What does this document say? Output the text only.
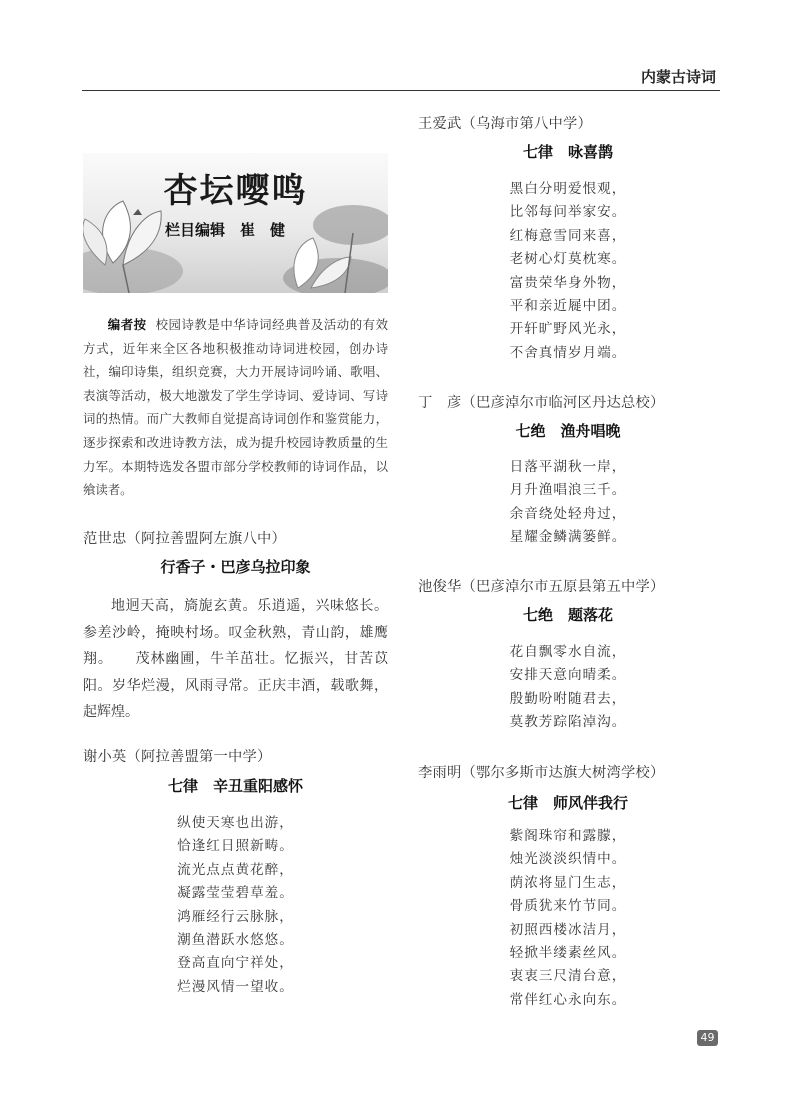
内蒙古诗词
杏坛嘤鸣
栏目编辑　崔　健
编者按 校园诗教是中华诗词经典普及活动的有效方式，近年来全区各地积极推动诗词进校园，创办诗社，编印诗集，组织竞赛，大力开展诗词吟诵、歌唱、表演等活动，极大地激发了学生学诗词、爱诗词、写诗词的热情。而广大教师自觉提高诗词创作和鉴赏能力，逐步探索和改进诗教方法，成为提升校园诗教质量的生力军。本期特选发各盟市部分学校教师的诗词作品，以飨读者。
范世忠（阿拉善盟阿左旗八中）
行香子・巴彦乌拉印象
地迥天高，旖旎玄黄。乐逍遥，兴味悠长。参差沙岭，掩映村场。叹金秋熟，青山韵，雄鹰翔。　　茂林幽圃，牛羊茁壮。忆振兴，甘苦苡阳。岁华烂漫，风雨寻常。正庆丰酒，载歌舞，起辉煌。
谢小英（阿拉善盟第一中学）
七律　辛丑重阳感怀
纵使天寒也出游，
恰逢红日照新畴。
流光点点黄花醉，
凝露莹莹碧草羞。
鸿雁经行云脉脉，
潮鱼潜跃水悠悠。
登高直向宁祥处，
烂漫风情一望收。
王爱武（乌海市第八中学）
七律　咏喜鹊
黑白分明爱恨观，
比邻每问举家安。
红梅意雪同来喜，
老树心灯莫枕寒。
富贵荣华身外物，
平和亲近屣中团。
开轩旷野风光永，
不舍真情岁月端。
丁　彦（巴彦淖尔市临河区丹达总校）
七绝　渔舟唱晚
日落平湖秋一岸，
月升渔唱浪三千。
余音绕处轻舟过，
星耀金鳞满篓鲜。
池俊华（巴彦淖尔市五原县第五中学）
七绝　题落花
花自飘零水自流，
安排天意向晴柔。
殷勤吩咐随君去，
莫教芳踪陷淖沟。
李雨明（鄂尔多斯市达旗大树湾学校）
七律　师风伴我行
紫阁珠帘和露朦，
烛光淡淡织情中。
荫浓将显门生志，
骨质犹来竹节同。
初照西楼冰洁月，
轻掀半缕素丝风。
衷衷三尺清台意，
常伴红心永向东。
49
